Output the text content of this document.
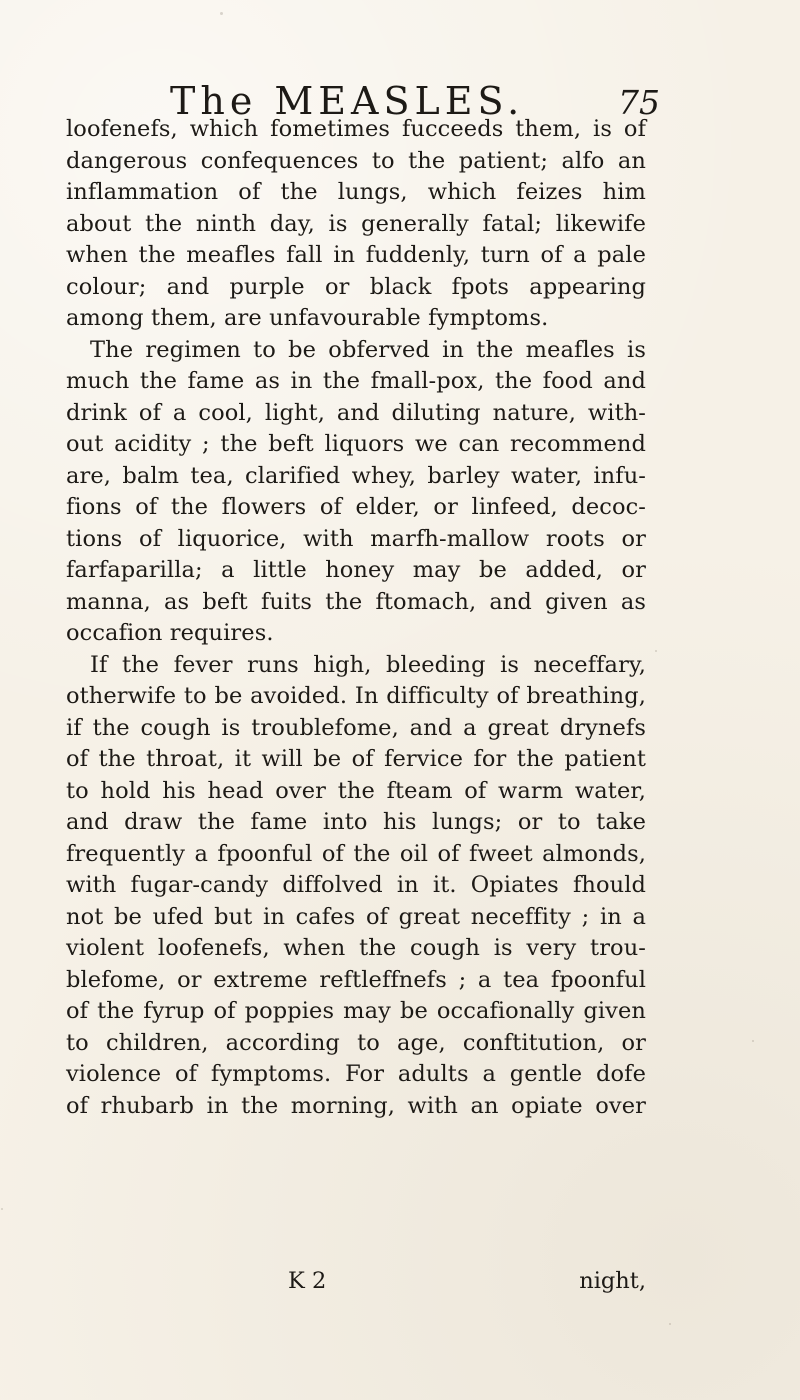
The MEASLES.	75
loofenefs, which fometimes fucceeds them, is of
dangerous confequences to the patient; alfo an
inflammation of the lungs, which feizes him
about the ninth day, is generally fatal; likewife
when the meafles fall in fuddenly, turn of a pale
colour; and purple or black fpots appearing
among them, are unfavourable fymptoms.
The regimen to be obferved in the meafles is
much the fame as in the fmall-pox, the food and
drink of a cool, light, and diluting nature, with-
out acidity ; the beft liquors we can recommend
are, balm tea, clarified whey, barley water, infu-
fions of the flowers of elder, or linfeed, decoc-
tions of liquorice, with marfh-mallow roots or
farfaparilla; a little honey may be added, or
manna, as beft fuits the ftomach, and given as
occafion requires.
If the fever runs high, bleeding is neceffary,
otherwife to be avoided. In difficulty of breathing,
if the cough is troublefome, and a great drynefs
of the throat, it will be of fervice for the patient
to hold his head over the fteam of warm water,
and draw the fame into his lungs; or to take
frequently a fpoonful of the oil of fweet almonds,
with fugar-candy diffolved in it. Opiates fhould
not be ufed but in cafes of great neceffity ; in a
violent loofenefs, when the cough is very trou-
blefome, or extreme reftleffnefs ; a tea fpoonful
of the fyrup of poppies may be occafionally given
to children, according to age, conftitution, or
violence of fymptoms. For adults a gentle dofe
of rhubarb in the morning, with an opiate over
K 2	night,
